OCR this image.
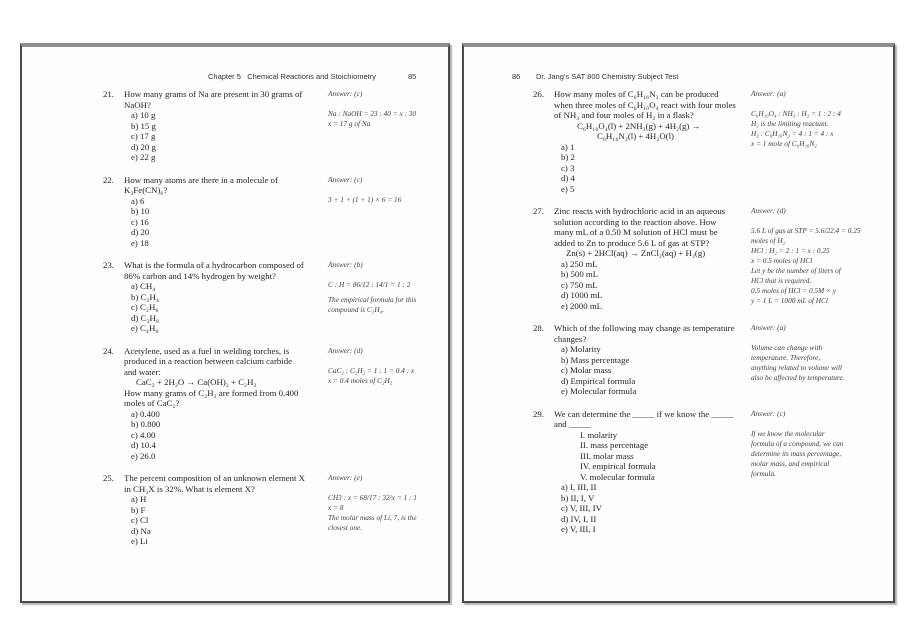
Chapter 5   Chemical Reactions and Stoichiometry

	85

21. How many grams of Na are present in 30 grams of
NaOH?
a) 10 g
b) 15 g
c) 17 g
d) 20 g
e) 22 g
Answer: (c)
Na : NaOH = 23 : 40 = x : 30
x = 17 g of Na
22. How many atoms are there in a molecule of
K₃Fe(CN)₆?
a) 6
b) 10
c) 16
d) 20
e) 18
Answer: (c)
3 + 1 + (1 + 1) × 6 = 16
23. What is the formula of a hydrocarbon composed of
86% carbon and 14% hydrogen by weight?
a) CH₄
b) C₂H₄
c) C₂H₆
d) C₃H₈
e) C₄H₆
Answer: (b)
C : H = 86/12 : 14/1 = 1 : 2
The empirical formula for this
compound is C₂H₄.
24. Acetylene, used as a fuel in welding torches, is
produced in a reaction between calcium carbide
and water:
CaC₂ + 2H₂O → Ca(OH)₂ + C₂H₂
How many grams of C₂H₂ are formed from 0.400
moles of CaC₂?
a) 0.400
b) 0.800
c) 4.00
d) 10.4
e) 26.0
Answer: (d)
CaC₂ : C₂H₂ = 1 : 1 = 0.4 : x
x = 0.4 moles of C₂H₂
25. The percent composition of an unknown element X
in CH₃X is 32%. What is element X?
a) H
b) F
c) Cl
d) Na
e) Li
Answer: (e)
CH3 : x = 68/17 : 32/x = 1 : 1
x = 8
The molar mass of Li, 7, is the
closest one.

86

Dr. Jang's SAT 800 Chemistry Subject Test

26. How many moles of C₆H₁₆N₂ can be produced
when three moles of C₆H₁₀O₄ react with four moles
of NH₃ and four moles of H₂ in a flask?
C₆H₁₀O₄(l) + 2NH₃(g) + 4H₂(g) →
C₆H₁₆N₂(l) + 4H₂O(l)
a) 1
b) 2
c) 3
d) 4
e) 5
Answer: (a)
C₆H₁₀O₄ : NH₃ : H₂ = 1 : 2 : 4
H₂ is the limiting reactant.
H₂ : C₆H₁₆N₂ = 4 : 1 = 4 : x
x = 1 mole of C₆H₁₆N₂
27. Zinc reacts with hydrochloric acid in an aqueous
solution according to the reaction above. How
many mL of a 0.50 M solution of HCl must be
added to Zn to produce 5.6 L of gas at STP?
Zn(s) + 2HCl(aq) → ZnCl₂(aq) + H₂(g)
a) 250 mL
b) 500 mL
c) 750 mL
d) 1000 mL
e) 2000 mL
Answer: (d)
5.6 L of gas at STP = 5.6/22.4 = 0.25
moles of H₂
HCl : H₂ = 2 : 1 = x : 0.25
x = 0.5 moles of HCl
Let y be the number of liters of
HCl that is required.
0.5 moles of HCl = 0.5M × y
y = 1 L = 1000 mL of HCl
28. Which of the following may change as temperature
changes?
a) Molarity
b) Mass percentage
c) Molar mass
d) Empirical formula
e) Molecular formula
Answer: (a)
Volume can change with
temperature. Therefore,
anything related to volume will
also be affected by temperature.
29. We can determine the _____ if we know the _____
and _____
I. molarity
II. mass percentage
III. molar mass
IV. empirical formula
V. molecular formula
a) I, III, II
b) II, I, V
c) V, III, IV
d) IV, I, II
e) V, III, I
Answer: (c)
If we know the molecular
formula of a compound, we can
determine its mass percentage,
molar mass, and empirical
formula.
